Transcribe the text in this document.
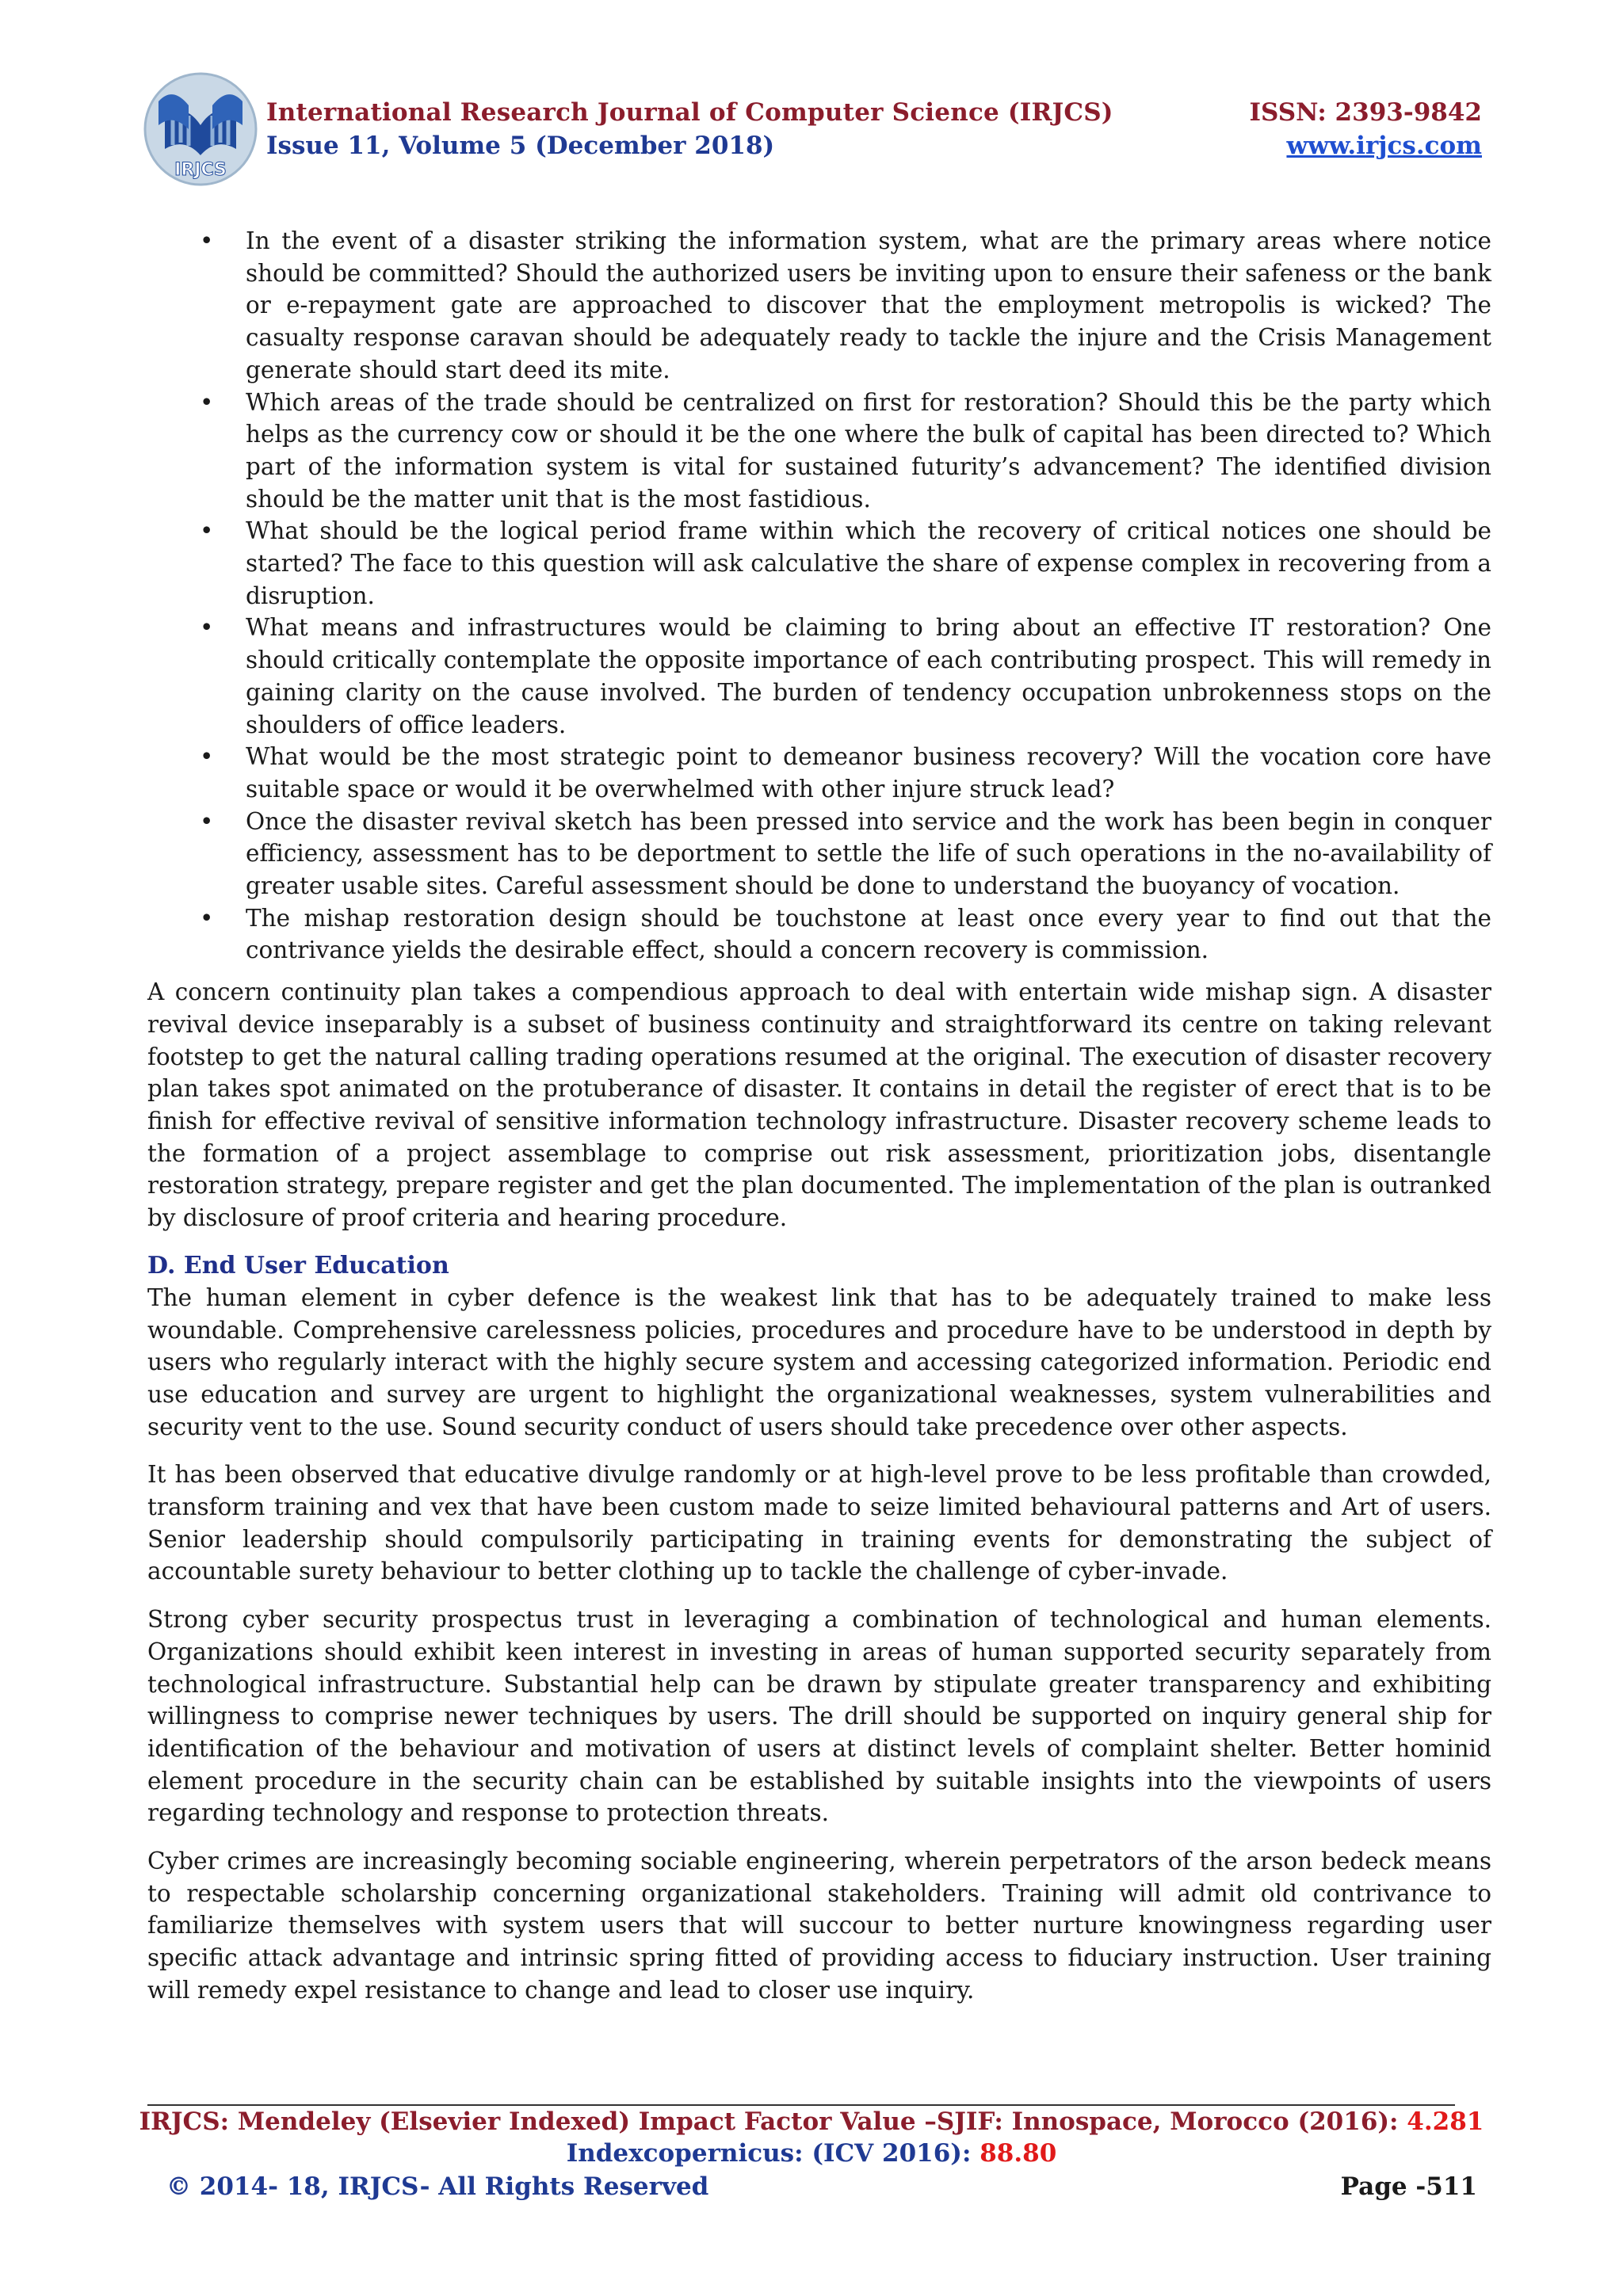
IRJCS
International Research Journal of Computer Science (IRJCS)
Issue 11, Volume 5 (December 2018)
ISSN: 2393-9842
www.irjcs.com
• In the event of a disaster striking the information system, what are the primary areas where notice should be committed? Should the authorized users be inviting upon to ensure their safeness or the bank or e-repayment gate are approached to discover that the employment metropolis is wicked? The casualty response caravan should be adequately ready to tackle the injure and the Crisis Management generate should start deed its mite.
• Which areas of the trade should be centralized on first for restoration? Should this be the party which helps as the currency cow or should it be the one where the bulk of capital has been directed to? Which part of the information system is vital for sustained futurity’s advancement? The identified division should be the matter unit that is the most fastidious.
• What should be the logical period frame within which the recovery of critical notices one should be started? The face to this question will ask calculative the share of expense complex in recovering from a disruption.
• What means and infrastructures would be claiming to bring about an effective IT restoration? One should critically contemplate the opposite importance of each contributing prospect. This will remedy in gaining clarity on the cause involved. The burden of tendency occupation unbrokenness stops on the shoulders of office leaders.
• What would be the most strategic point to demeanor business recovery? Will the vocation core have suitable space or would it be overwhelmed with other injure struck lead?
• Once the disaster revival sketch has been pressed into service and the work has been begin in conquer efficiency, assessment has to be deportment to settle the life of such operations in the no-availability of greater usable sites. Careful assessment should be done to understand the buoyancy of vocation.
• The mishap restoration design should be touchstone at least once every year to find out that the contrivance yields the desirable effect, should a concern recovery is commission.

A concern continuity plan takes a compendious approach to deal with entertain wide mishap sign. A disaster revival device inseparably is a subset of business continuity and straightforward its centre on taking relevant footstep to get the natural calling trading operations resumed at the original. The execution of disaster recovery plan takes spot animated on the protuberance of disaster. It contains in detail the register of erect that is to be finish for effective revival of sensitive information technology infrastructure. Disaster recovery scheme leads to the formation of a project assemblage to comprise out risk assessment, prioritization jobs, disentangle restoration strategy, prepare register and get the plan documented. The implementation of the plan is outranked by disclosure of proof criteria and hearing procedure.

D. End User Education

The human element in cyber defence is the weakest link that has to be adequately trained to make less woundable. Comprehensive carelessness policies, procedures and procedure have to be understood in depth by users who regularly interact with the highly secure system and accessing categorized information. Periodic end use education and survey are urgent to highlight the organizational weaknesses, system vulnerabilities and security vent to the use. Sound security conduct of users should take precedence over other aspects.

It has been observed that educative divulge randomly or at high-level prove to be less profitable than crowded, transform training and vex that have been custom made to seize limited behavioural patterns and Art of users. Senior leadership should compulsorily participating in training events for demonstrating the subject of accountable surety behaviour to better clothing up to tackle the challenge of cyber-invade.

Strong cyber security prospectus trust in leveraging a combination of technological and human elements. Organizations should exhibit keen interest in investing in areas of human supported security separately from technological infrastructure. Substantial help can be drawn by stipulate greater transparency and exhibiting willingness to comprise newer techniques by users. The drill should be supported on inquiry general ship for identification of the behaviour and motivation of users at distinct levels of complaint shelter. Better hominid element procedure in the security chain can be established by suitable insights into the viewpoints of users regarding technology and response to protection threats.

Cyber crimes are increasingly becoming sociable engineering, wherein perpetrators of the arson bedeck means to respectable scholarship concerning organizational stakeholders. Training will admit old contrivance to familiarize themselves with system users that will succour to better nurture knowingness regarding user specific attack advantage and intrinsic spring fitted of providing access to fiduciary instruction. User training will remedy expel resistance to change and lead to closer use inquiry.

IRJCS: Mendeley (Elsevier Indexed) Impact Factor Value –SJIF: Innospace, Morocco (2016): 4.281
Indexcopernicus: (ICV 2016): 88.80
© 2014- 18, IRJCS- All Rights Reserved	Page -511
